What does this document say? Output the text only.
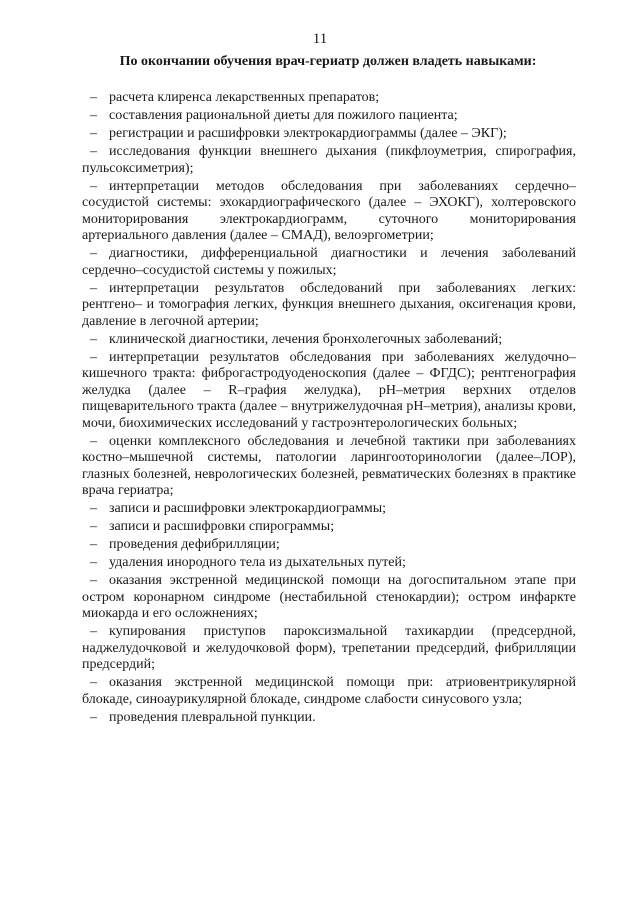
11
По окончании обучения врач-гериатр должен владеть навыками:
– расчета клиренса лекарственных препаратов;
– составления рациональной диеты для пожилого пациента;
– регистрации и расшифровки электрокардиограммы (далее – ЭКГ);
– исследования функции внешнего дыхания (пикфлоуметрия, спирография, пульсоксиметрия);
– интерпретации методов обследования при заболеваниях сердечно–сосудистой системы: эхокардиографического (далее – ЭХОКГ), холтеровского мониторирования электрокардиограмм, суточного мониторирования артериального давления (далее – СМАД), велоэргометрии;
– диагностики, дифференциальной диагностики и лечения заболеваний сердечно–сосудистой системы у пожилых;
– интерпретации результатов обследований при заболеваниях легких: рентгено– и томография легких, функция внешнего дыхания, оксигенация крови, давление в легочной артерии;
– клинической диагностики, лечения бронхолегочных заболеваний;
– интерпретации результатов обследования при заболеваниях желудочно–кишечного тракта: фиброгастродуоденоскопия (далее – ФГДС); рентгенография желудка (далее – R–графия желудка), рН–метрия верхних отделов пищеварительного тракта (далее – внутрижелудочная рН–метрия), анализы крови, мочи, биохимических исследований у гастроэнтерологических больных;
– оценки комплексного обследования и лечебной тактики при заболеваниях костно–мышечной системы, патологии ларингооторинологии (далее–ЛОР), глазных болезней, неврологических болезней, ревматических болезнях в практике врача гериатра;
– записи и расшифровки электрокардиограммы;
– записи и расшифровки спирограммы;
– проведения дефибрилляции;
– удаления инородного тела из дыхательных путей;
– оказания экстренной медицинской помощи на догоспитальном этапе при остром коронарном синдроме (нестабильной стенокардии); остром инфаркте миокарда и его осложнениях;
– купирования приступов пароксизмальной тахикардии (предсердной, наджелудочковой и желудочковой форм), трепетании предсердий, фибрилляции предсердий;
– оказания экстренной медицинской помощи при: атриовентрикулярной блокаде, синоаурикулярной блокаде, синдроме слабости синусового узла;
– проведения плевральной пункции.
